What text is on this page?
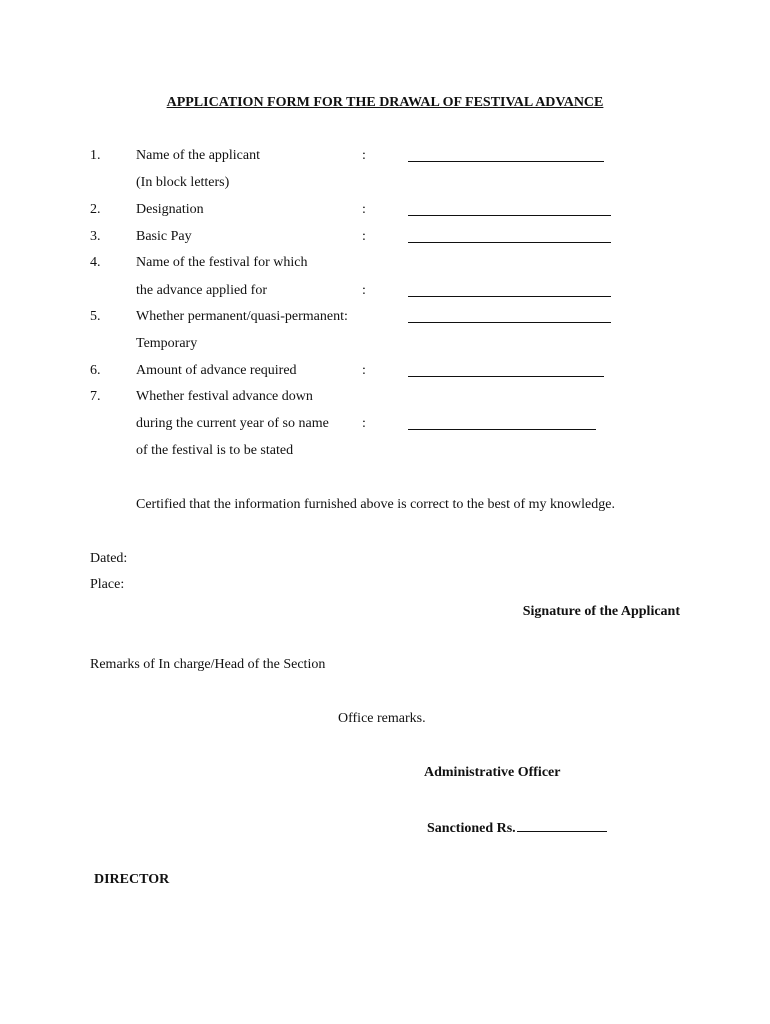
APPLICATION FORM FOR THE DRAWAL OF FESTIVAL ADVANCE
1.	Name of the applicant	:
(In block letters)
2.	Designation	:
3.	Basic Pay	:
4.	Name of the festival for which
the advance applied for	:
5.	Whether permanent/quasi-permanent:
Temporary
6.	Amount of advance required	:
7.	Whether festival advance down
during the current year of so name :
of the festival is to be stated
Certified that the information furnished above is correct to the best of my knowledge.
Dated:
Place:
Signature of the Applicant
Remarks of In charge/Head of the Section
Office remarks.
Administrative Officer
Sanctioned Rs.
DIRECTOR
